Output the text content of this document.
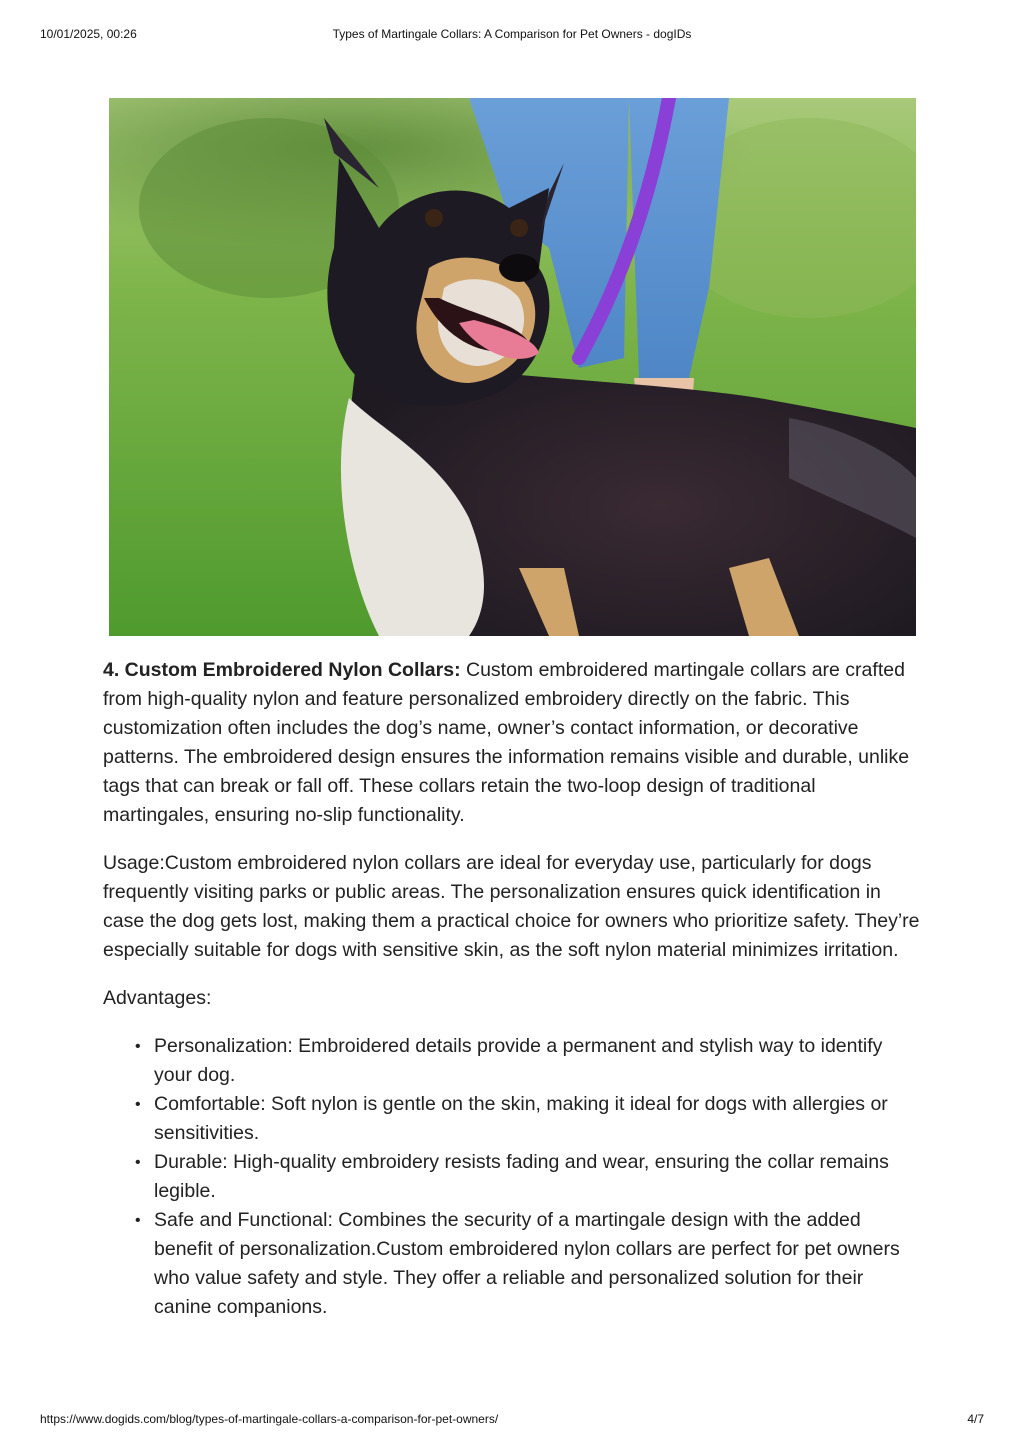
10/01/2025, 00:26	Types of Martingale Collars: A Comparison for Pet Owners - dogIDs

4. Custom Embroidered Nylon Collars: Custom embroidered martingale collars are crafted from high-quality nylon and feature personalized embroidery directly on the fabric. This customization often includes the dog’s name, owner’s contact information, or decorative patterns. The embroidered design ensures the information remains visible and durable, unlike tags that can break or fall off. These collars retain the two-loop design of traditional martingales, ensuring no-slip functionality.

Usage:Custom embroidered nylon collars are ideal for everyday use, particularly for dogs frequently visiting parks or public areas. The personalization ensures quick identification in case the dog gets lost, making them a practical choice for owners who prioritize safety. They’re especially suitable for dogs with sensitive skin, as the soft nylon material minimizes irritation.

Advantages:

• Personalization: Embroidered details provide a permanent and stylish way to identify your dog.
• Comfortable: Soft nylon is gentle on the skin, making it ideal for dogs with allergies or sensitivities.
• Durable: High-quality embroidery resists fading and wear, ensuring the collar remains legible.
• Safe and Functional: Combines the security of a martingale design with the added benefit of personalization.Custom embroidered nylon collars are perfect for pet owners who value safety and style. They offer a reliable and personalized solution for their canine companions.
https://www.dogids.com/blog/types-of-martingale-collars-a-comparison-for-pet-owners/	4/7
